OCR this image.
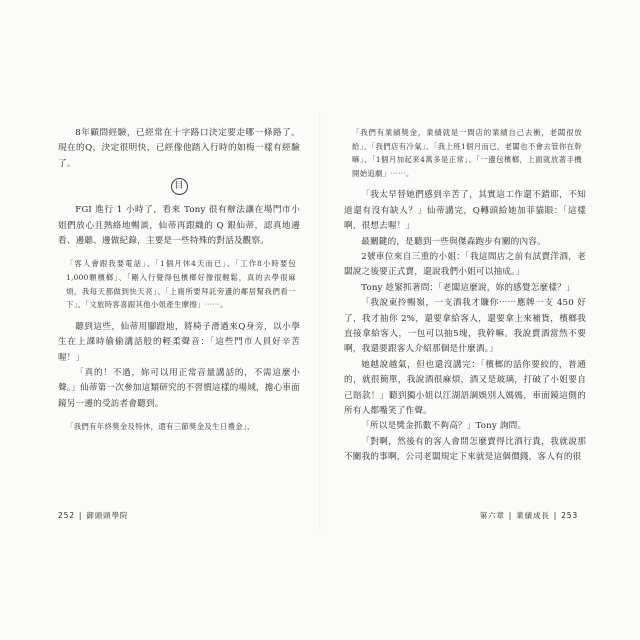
8年顧問經驗，已經常在十字路口決定要走哪一條路了。現在的Q，決定很明快，已經像他踏入行時的如梅一樣有經驗了。

目

FGI 進行 1 小時了，看來 Tony 很有辦法讓在場門市小姐們放心且熱絡地暢談，仙蒂再跟織的 Q 銀仙蒂，認真地邊看、邊聽、邊做紀錄，主要是一些特殊的對話及觀察。

「客人會跟我要電話」、「1個月休4天而已」、「工作8小時要包1,000顆檳榔」、「剛入行覺得包檳榔好像很輕鬆，真的去學很麻煩，我每天都做到快天亮」、「上廁所要拜託旁邊的鄰居幫我們看一下」、「文旅時客喜跟其他小姐產生摩擦」⋯⋯。

聽到這些，仙蒂用腳蹬地，將椅子滑過來Q身旁，以小學生在上課時偷偷講話般的輕柔聲音：「這些門市人員好辛苦喔！」

「真的！不過，妳可以用正常音量講話的，不需這麼小聲。」仙蒂第一次參加這類研究的不習慣這樣的場域，擔心車面鏡另一邊的受訪者會聽到。

「我們有年終獎金及特休，還有三節獎金及生日禮金」、

「我們有業績獎金，業績就是一間店的業績自己去衝，老闆很放給」、「我們店有冷氣」、「我上班1個月而已，老闆也不會去管你在幹嘛」、「1個月加起來4萬多是正常」、「一邊包檳榔，上面就放著手機開始追劇」⋯⋯。

「我太早替她們感到辛苦了，其實這工作還不錯耶，不知道還有沒有缺人？」仙蒂講完，Q轉頭給她加菲貓眼：「這樣啊，很想去喔！」

最關鍵的，是聽到一些與傑森跑步有關的內容。

2號車位來自三重的小姐：「我這間店之前有試賣洋酒，老闆說之後要正式賣，還說我們小姐可以抽成。」

Tony 趁緊抓著問：「老闆這麼說，妳的感覺怎麼樣？」

「我說東拎暢嶺，一支酒我才賺你⋯⋯應牌一支 450 好了，我才抽你 2%，還要拿給客人，還要拿上來補貨，檳榔我直接拿給客人，一包可以抽5塊，我幹嘛。我說賣酒當然不要啊，我還要跟客人介紹那個是什麼酒。」

她越說越氣，但也還沒講完：「檳榔的話你要絞的，普通的，就很簡單，我說酒很麻煩，酒又是玻璃，打破了小姐要自己賠款！」聽到獨小姐以江湖語調娛別人媽媽，車面鏡這側的所有人都嘴笑了作聲。

「所以是獎金抓數不夠高？」Tony 詢問。

「對啊，然後有的客人會問怎麼賣得比酒行貴，我就說那不關我的事啊，公司老闆規定下來就是這個價錢，客人有的很

252 | 御頭頭學院	第六章 | 業績成長 | 253
